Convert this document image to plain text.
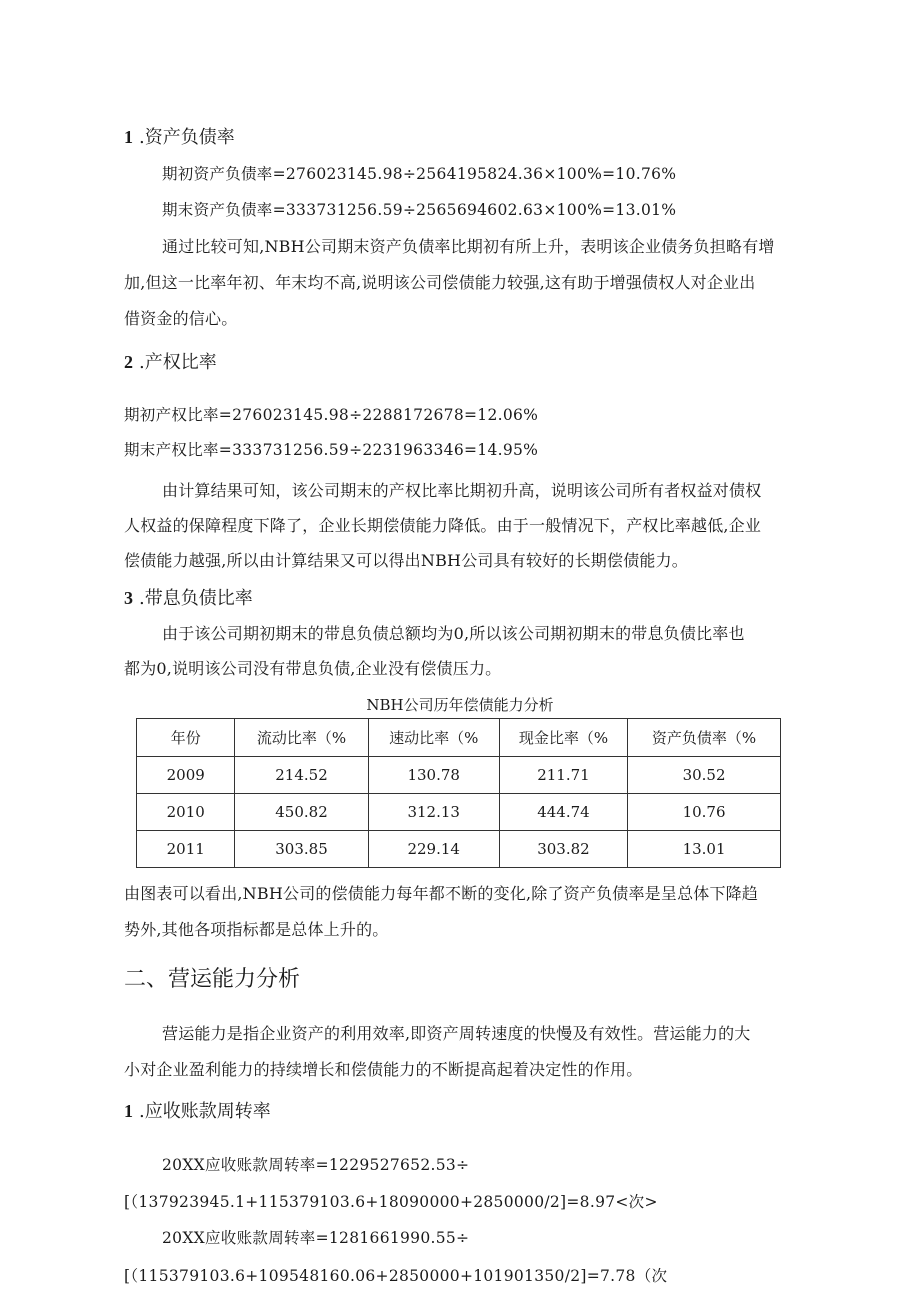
1 .资产负债率
期初资产负债率=276023145.98÷2564195824.36×100%=10.76%
期末资产负债率=333731256.59÷2565694602.63×100%=13.01%
通过比较可知,NBH公司期末资产负债率比期初有所上升，表明该企业债务负担略有增
加,但这一比率年初、年末均不高,说明该公司偿债能力较强,这有助于增强债权人对企业出
借资金的信心。
2 .产权比率
期初产权比率=276023145.98÷2288172678=12.06%
期末产权比率=333731256.59÷2231963346=14.95%
由计算结果可知，该公司期末的产权比率比期初升高，说明该公司所有者权益对债权
人权益的保障程度下降了，企业长期偿债能力降低。由于一般情况下，产权比率越低,企业
偿债能力越强,所以由计算结果又可以得出NBH公司具有较好的长期偿债能力。
3 .带息负债比率
由于该公司期初期末的带息负债总额均为0,所以该公司期初期末的带息负债比率也
都为0,说明该公司没有带息负债,企业没有偿债压力。
NBH公司历年偿债能力分析
年份	流动比率（%	速动比率（%	现金比率（%	资产负债率（%
2009	214.52	130.78	211.71	30.52
2010	450.82	312.13	444.74	10.76
2011	303.85	229.14	303.82	13.01
由图表可以看出,NBH公司的偿债能力每年都不断的变化,除了资产负债率是呈总体下降趋
势外,其他各项指标都是总体上升的。
二、营运能力分析
营运能力是指企业资产的利用效率,即资产周转速度的快慢及有效性。营运能力的大
小对企业盈利能力的持续增长和偿债能力的不断提高起着决定性的作用。
1 .应收账款周转率
20XX应收账款周转率=1229527652.53÷
[（137923945.1+115379103.6+18090000+2850000/2]=8.97<次>
20XX应收账款周转率=1281661990.55÷
[（115379103.6+109548160.06+2850000+101901350/2]=7.78（次
